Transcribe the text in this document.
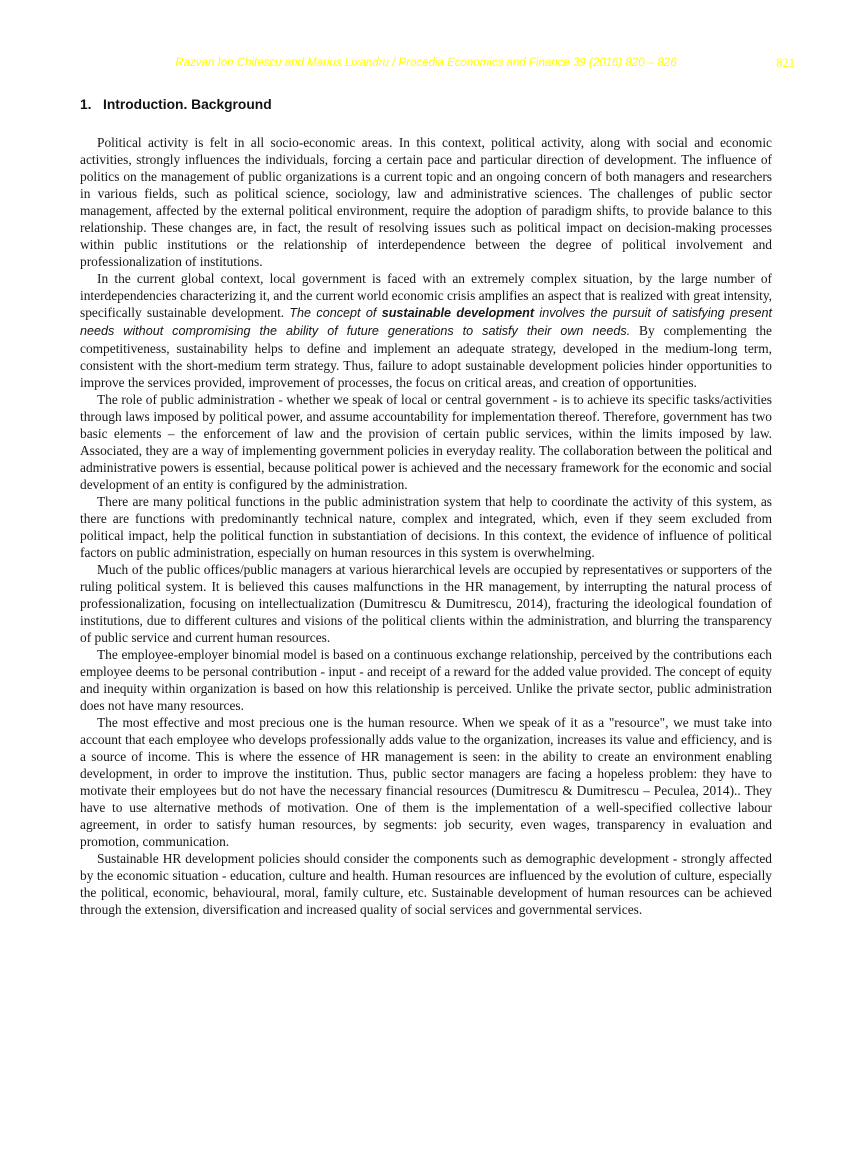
Razvan Ion Chitescu and Marius Lixandru / Procedia Economics and Finance 39 (2016) 820 – 826	821
1. Introduction. Background

Political activity is felt in all socio-economic areas. In this context, political activity, along with social and economic activities, strongly influences the individuals, forcing a certain pace and particular direction of development. The influence of politics on the management of public organizations is a current topic and an ongoing concern of both managers and researchers in various fields, such as political science, sociology, law and administrative sciences. The challenges of public sector management, affected by the external political environment, require the adoption of paradigm shifts, to provide balance to this relationship. These changes are, in fact, the result of resolving issues such as political impact on decision-making processes within public institutions or the relationship of interdependence between the degree of political involvement and professionalization of institutions.

In the current global context, local government is faced with an extremely complex situation, by the large number of interdependencies characterizing it, and the current world economic crisis amplifies an aspect that is realized with great intensity, specifically sustainable development. The concept of sustainable development involves the pursuit of satisfying present needs without compromising the ability of future generations to satisfy their own needs. By complementing the competitiveness, sustainability helps to define and implement an adequate strategy, developed in the medium-long term, consistent with the short-medium term strategy. Thus, failure to adopt sustainable development policies hinder opportunities to improve the services provided, improvement of processes, the focus on critical areas, and creation of opportunities.

The role of public administration - whether we speak of local or central government - is to achieve its specific tasks/activities through laws imposed by political power, and assume accountability for implementation thereof. Therefore, government has two basic elements – the enforcement of law and the provision of certain public services, within the limits imposed by law. Associated, they are a way of implementing government policies in everyday reality. The collaboration between the political and administrative powers is essential, because political power is achieved and the necessary framework for the economic and social development of an entity is configured by the administration.

There are many political functions in the public administration system that help to coordinate the activity of this system, as there are functions with predominantly technical nature, complex and integrated, which, even if they seem excluded from political impact, help the political function in substantiation of decisions. In this context, the evidence of influence of political factors on public administration, especially on human resources in this system is overwhelming.

Much of the public offices/public managers at various hierarchical levels are occupied by representatives or supporters of the ruling political system. It is believed this causes malfunctions in the HR management, by interrupting the natural process of professionalization, focusing on intellectualization (Dumitrescu & Dumitrescu, 2014), fracturing the ideological foundation of institutions, due to different cultures and visions of the political clients within the administration, and blurring the transparency of public service and current human resources.

The employee-employer binomial model is based on a continuous exchange relationship, perceived by the contributions each employee deems to be personal contribution - input - and receipt of a reward for the added value provided. The concept of equity and inequity within organization is based on how this relationship is perceived. Unlike the private sector, public administration does not have many resources.

The most effective and most precious one is the human resource. When we speak of it as a "resource", we must take into account that each employee who develops professionally adds value to the organization, increases its value and efficiency, and is a source of income. This is where the essence of HR management is seen: in the ability to create an environment enabling development, in order to improve the institution. Thus, public sector managers are facing a hopeless problem: they have to motivate their employees but do not have the necessary financial resources (Dumitrescu & Dumitrescu – Peculea, 2014).. They have to use alternative methods of motivation. One of them is the implementation of a well-specified collective labour agreement, in order to satisfy human resources, by segments: job security, even wages, transparency in evaluation and promotion, communication.

Sustainable HR development policies should consider the components such as demographic development - strongly affected by the economic situation - education, culture and health. Human resources are influenced by the evolution of culture, especially the political, economic, behavioural, moral, family culture, etc. Sustainable development of human resources can be achieved through the extension, diversification and increased quality of social services and governmental services.
